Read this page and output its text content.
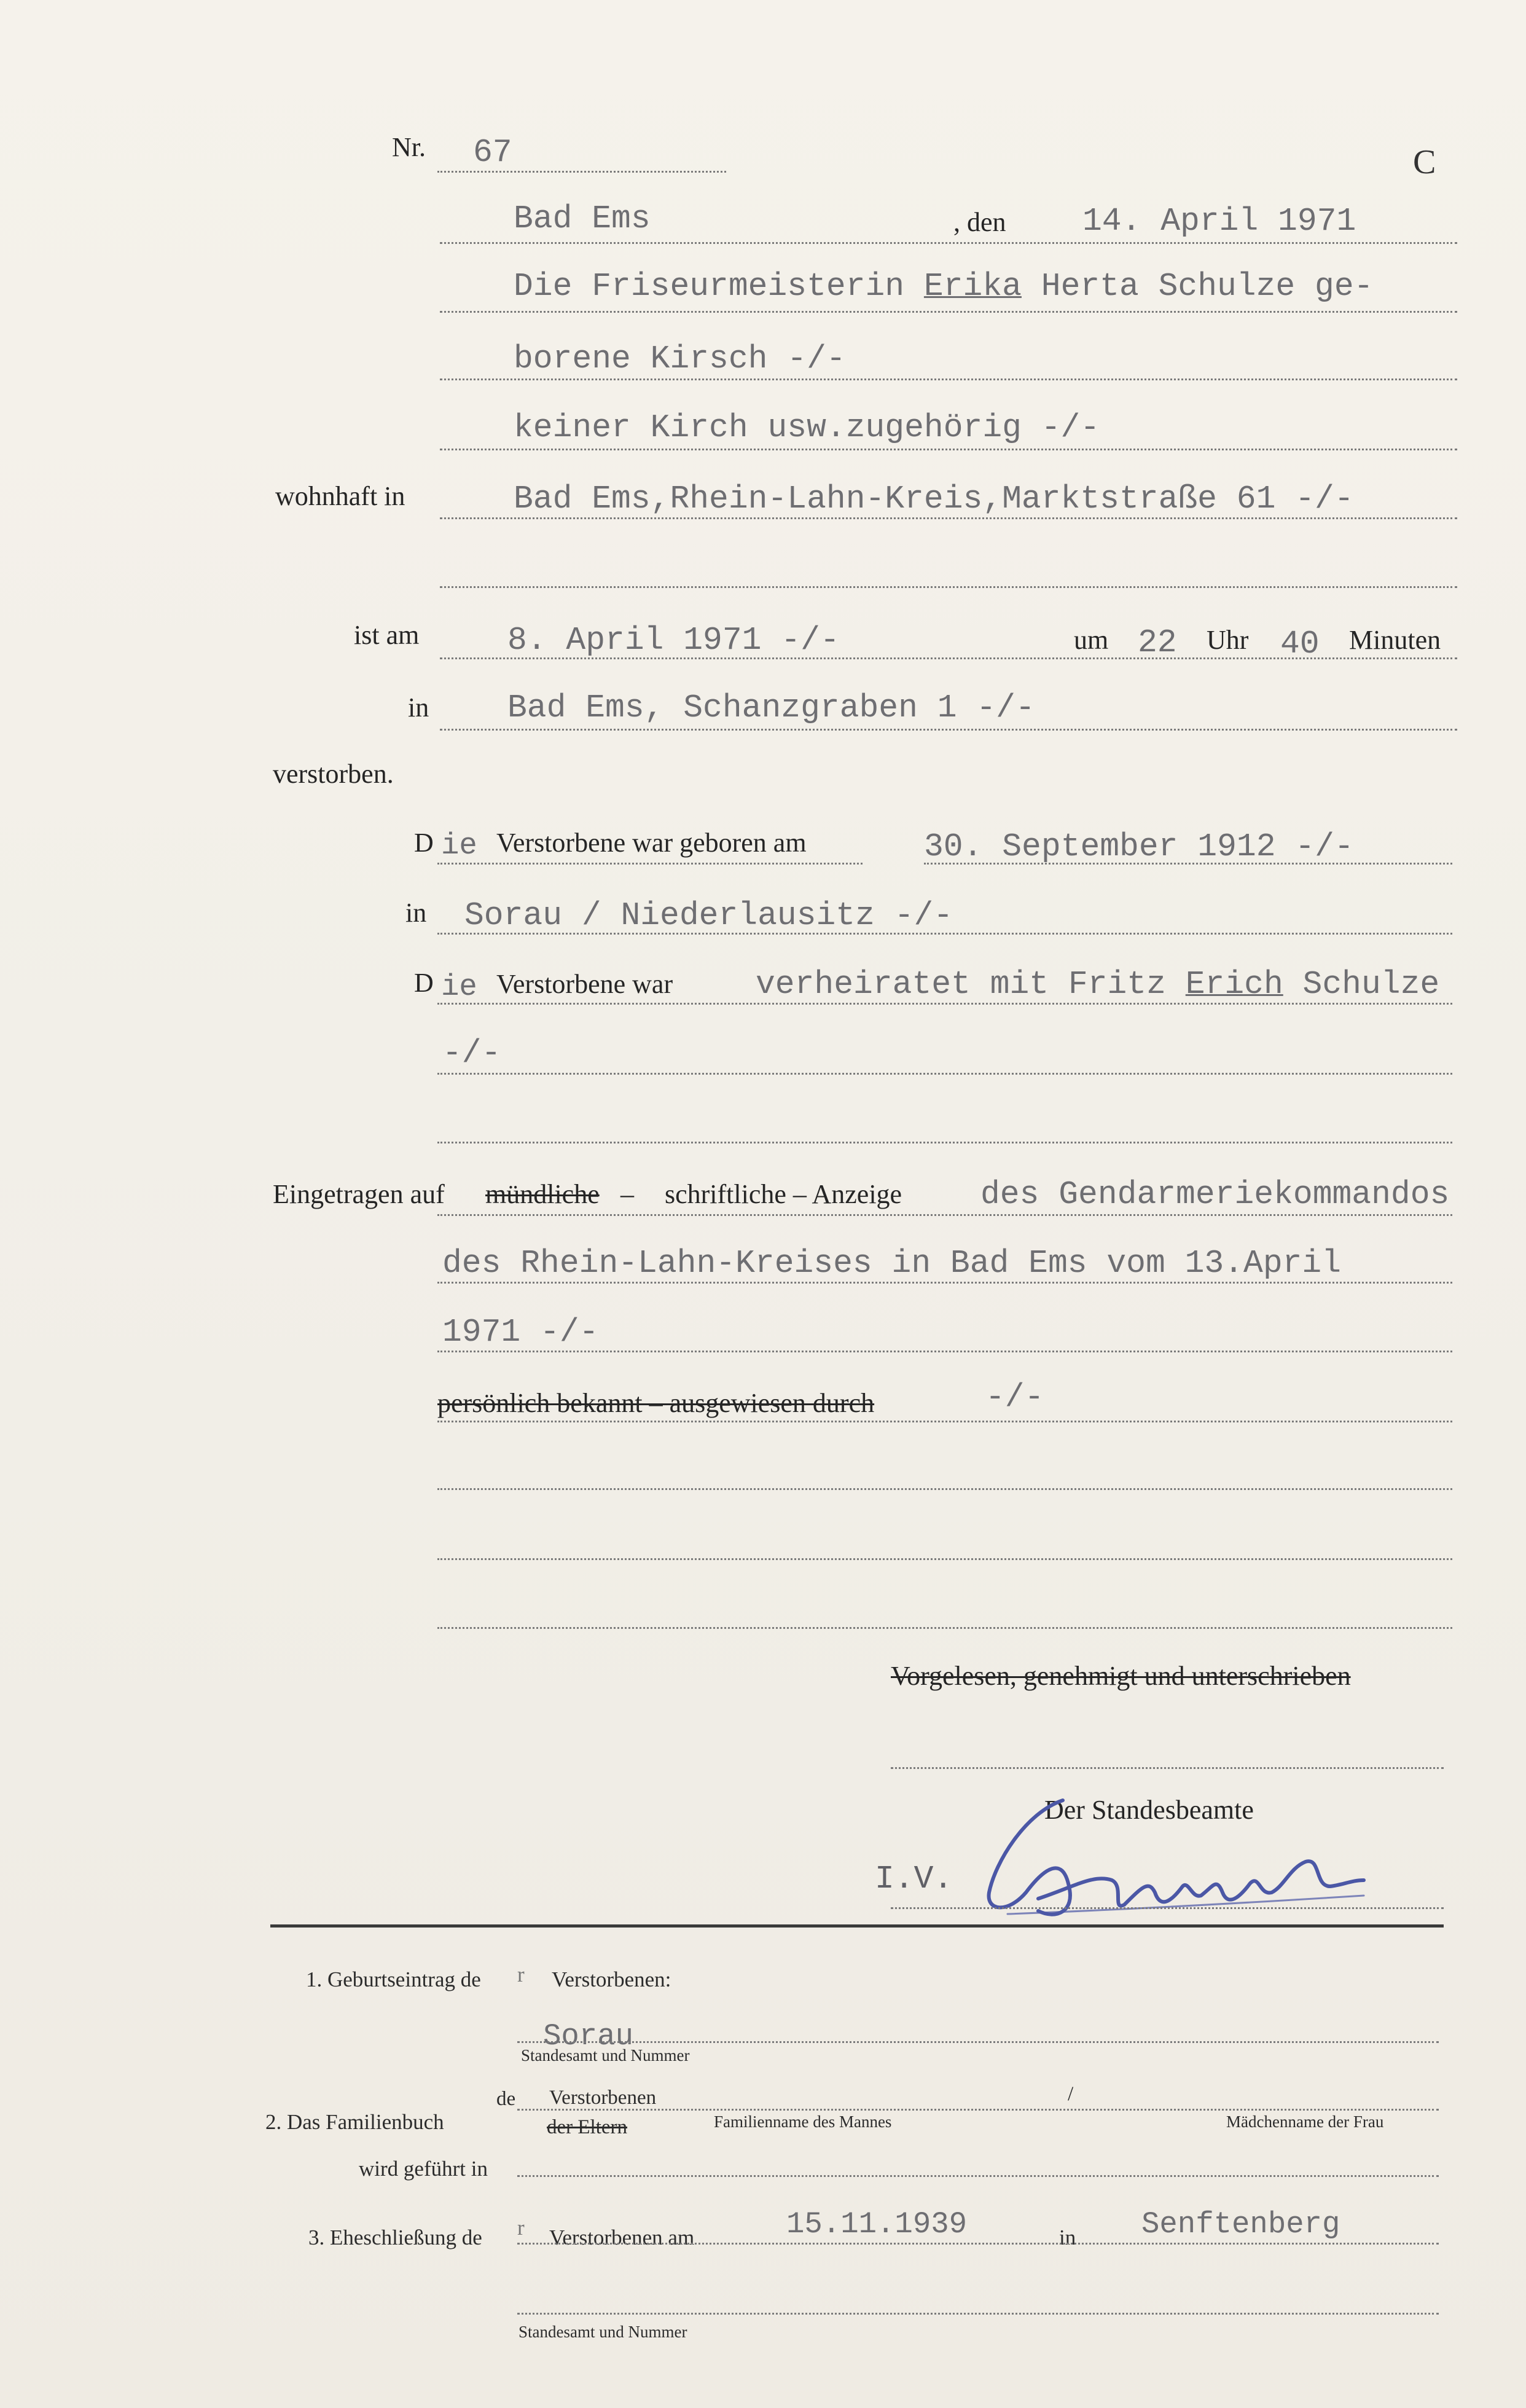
Nr. 67	C
Bad Ems	, den 14. April 1971
Die Friseurmeisterin Erika Herta Schulze ge-
borene Kirsch -/-
keiner Kirch usw.zugehörig -/-
wohnhaft in	Bad Ems,Rhein-Lahn-Kreis,Marktstraße 61 -/-
ist am	8. April 1971 -/-	um 22 Uhr 40 Minuten
in Bad Ems, Schanzgraben 1 -/-
verstorben.
D ie Verstorbene war geboren am	30. September 1912 -/-
in Sorau / Niederlausitz -/-
D ie Verstorbene war	verheiratet mit Fritz Erich Schulze
-/-
Eingetragen auf mündliche – schriftliche – Anzeige des Gendarmeriekommandos
des Rhein-Lahn-Kreises in Bad Ems vom 13.April
1971 -/-
persönlich bekannt – ausgewiesen durch	-/-
Vorgelesen, genehmigt und unterschrieben
Der Standesbeamte
I.V.
1. Geburtseintrag de r Verstorbenen:
Sorau
Standesamt und Nummer
2. Das Familienbuch
de Verstorbenen
der Eltern
/
Familienname des Mannes	Mädchenname der Frau
wird geführt in
3. Eheschließung de r Verstorbenen am	15.11.1939	in Senftenberg
Standesamt und Nummer
